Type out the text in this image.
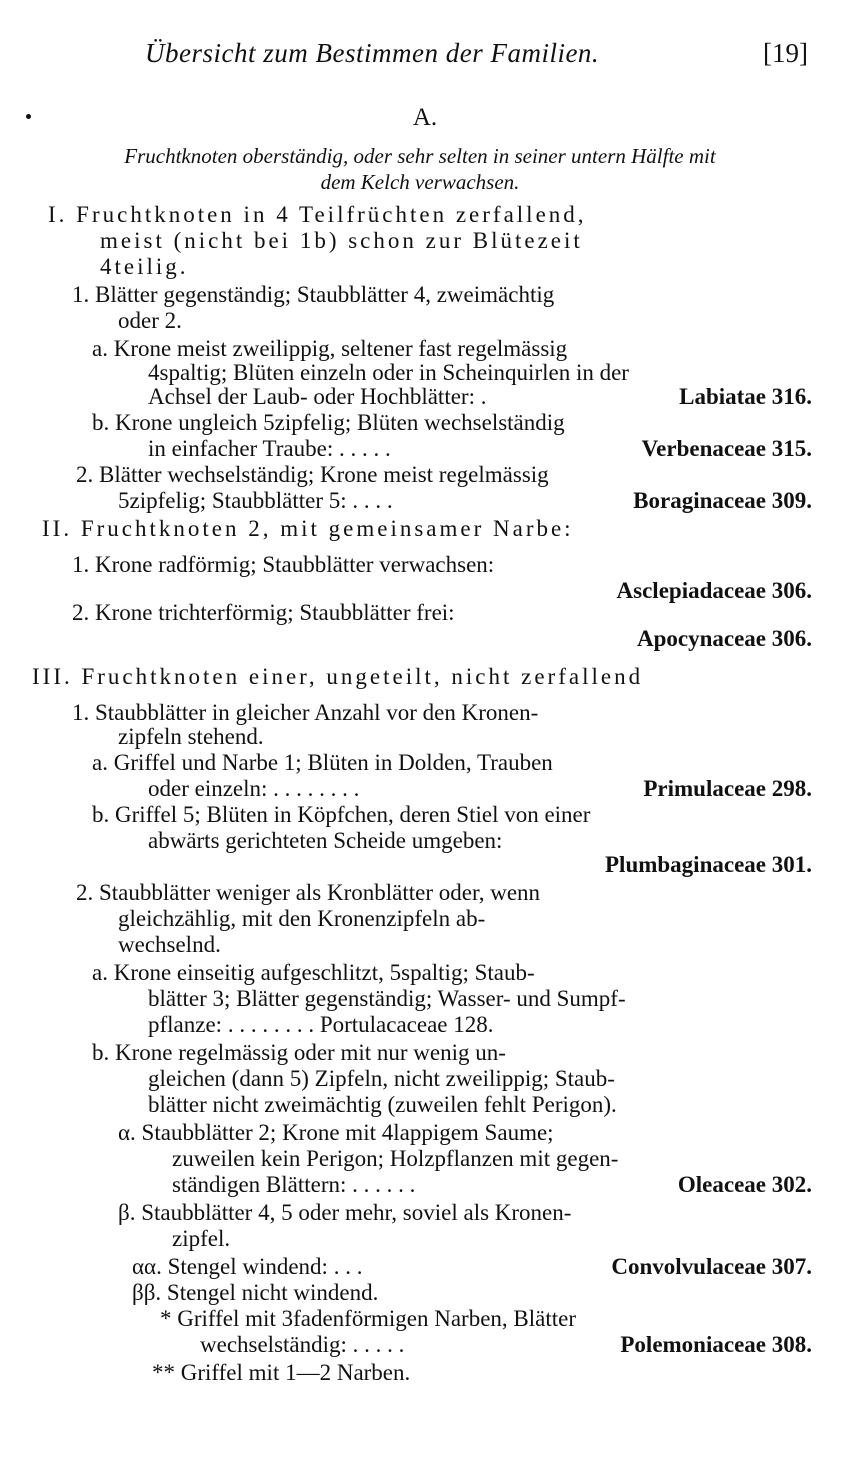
Übersicht zum Bestimmen der Familien.	[19]
A.
Fruchtknoten oberständig, oder sehr selten in seiner untern Hälfte mit
dem Kelch verwachsen.
I. Fruchtknoten in 4 Teilfrüchten zerfallend,
meist (nicht bei 1b) schon zur Blütezeit
4teilig.
1. Blätter gegenständig; Staubblätter 4, zweimächtig
oder 2.
a. Krone meist zweilippig, seltener fast regelmässig
4spaltig; Blüten einzeln oder in Scheinquirlen in der
Achsel der Laub- oder Hochblätter: .	Labiatae 316.
b. Krone ungleich 5zipfelig; Blüten wechselständig
in einfacher Traube: . . . . .	Verbenaceae 315.
2. Blätter wechselständig; Krone meist regelmässig
5zipfelig; Staubblätter 5: . . . .	Boraginaceae 309.
II. Fruchtknoten 2, mit gemeinsamer Narbe:
1. Krone radförmig; Staubblätter verwachsen:
Asclepiadaceae 306.
2. Krone trichterförmig; Staubblätter frei:
Apocynaceae 306.
III. Fruchtknoten einer, ungeteilt, nicht zerfallend
1. Staubblätter in gleicher Anzahl vor den Kronen-
zipfeln stehend.
a. Griffel und Narbe 1; Blüten in Dolden, Trauben
oder einzeln: . . . . . . . .	Primulaceae 298.
b. Griffel 5; Blüten in Köpfchen, deren Stiel von einer
abwärts gerichteten Scheide umgeben:
Plumbaginaceae 301.
2. Staubblätter weniger als Kronblätter oder, wenn
gleichzählig, mit den Kronenzipfeln ab-
wechselnd.
a. Krone einseitig aufgeschlitzt, 5spaltig; Staub-
blätter 3; Blätter gegenständig; Wasser- und Sumpf-
pflanze: . . . . . . . . Portulacaceae 128.
b. Krone regelmässig oder mit nur wenig un-
gleichen (dann 5) Zipfeln, nicht zweilippig; Staub-
blätter nicht zweimächtig (zuweilen fehlt Perigon).
α. Staubblätter 2; Krone mit 4lappigem Saume;
zuweilen kein Perigon; Holzpflanzen mit gegen-
ständigen Blättern: . . . . . .	Oleaceae 302.
β. Staubblätter 4, 5 oder mehr, soviel als Kronen-
zipfel.
αα. Stengel windend: . . .	Convolvulaceae 307.
ββ. Stengel nicht windend.
* Griffel mit 3fadenförmigen Narben, Blätter
wechselständig: . . . . .	Polemoniaceae 308.
** Griffel mit 1—2 Narben.
